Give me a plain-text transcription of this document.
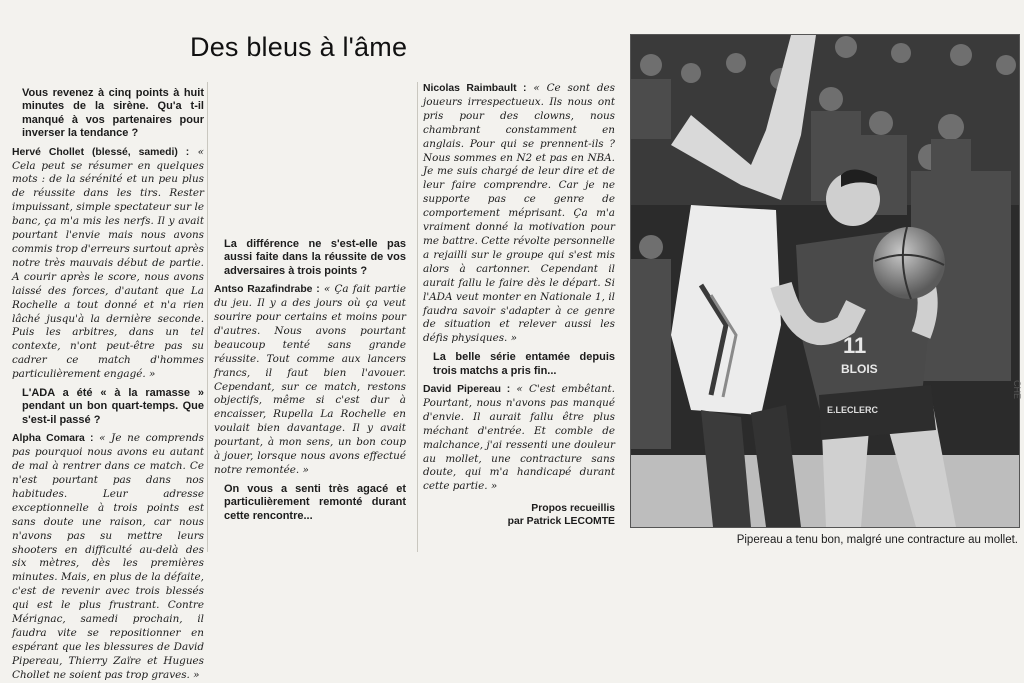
Des bleus à l'âme

Vous revenez à cinq points à huit minutes de la sirène. Qu'a t-il manqué à vos partenaires pour inverser la tendance ?

Hervé Chollet (blessé, samedi) : « Cela peut se résumer en quelques mots : de la sérénité et un peu plus de réussite dans les tirs. Rester impuissant, simple spectateur sur le banc, ça m'a mis les nerfs. Il y avait pourtant l'envie mais nous avons commis trop d'erreurs surtout après notre très mauvais début de partie. A courir après le score, nous avons laissé des forces, d'autant que La Rochelle a tout donné et n'a rien lâché jusqu'à la dernière seconde. Puis les arbitres, dans un tel contexte, n'ont peut-être pas su cadrer ce match d'hommes particulièrement engagé. »

L'ADA a été « à la ramasse » pendant un bon quart-temps. Que s'est-il passé ?

Alpha Comara : « Je ne comprends pas pourquoi nous avons eu autant de mal à rentrer dans ce match. Ce n'est pourtant pas dans nos habitudes. Leur adresse exceptionnelle à trois points est sans doute une raison, car nous n'avons pas su mettre leurs shooters en difficulté au-delà des six mètres, dès les premières minutes. Mais, en plus de la défaite, c'est de revenir avec trois blessés qui est le plus frustrant. Contre Mérignac, samedi prochain, il faudra vite se repositionner en espérant que les blessures de David Pipereau, Thierry Zaïre et Hugues Chollet ne soient pas trop graves. »

La différence ne s'est-elle pas aussi faite dans la réussite de vos adversaires à trois points ?

Antso Razafindrabe : « Ça fait partie du jeu. Il y a des jours où ça veut sourire pour certains et moins pour d'autres. Nous avons pourtant beaucoup tenté sans grande réussite. Tout comme aux lancers francs, il faut bien l'avouer. Cependant, sur ce match, restons objectifs, même si c'est dur à encaisser, Rupella La Rochelle en voulait bien davantage. Il y avait pourtant, à mon sens, un bon coup à jouer, lorsque nous avons effectué notre remontée. »

On vous a senti très agacé et particulièrement remonté durant cette rencontre...

Nicolas Raimbault : « Ce sont des joueurs irrespectueux. Ils nous ont pris pour des clowns, nous chambrant constamment en anglais. Pour qui se prennent-ils ? Nous sommes en N2 et pas en NBA. Je me suis chargé de leur dire et de leur faire comprendre. Car je ne supporte pas ce genre de comportement méprisant. Ça m'a vraiment donné la motivation pour me battre. Cette révolte personnelle a rejailli sur le groupe qui s'est mis alors à cartonner. Cependant il aurait fallu le faire dès le départ. Si l'ADA veut monter en Nationale 1, il faudra savoir s'adapter à ce genre de situation et relever aussi les défis physiques. »

La belle série entamée depuis trois matchs a pris fin...

David Pipereau : « C'est embêtant. Pourtant, nous n'avons pas manqué d'envie. Il aurait fallu être plus méchant d'entrée. Et comble de malchance, j'ai ressenti une douleur au mollet, une contracture sans doute, qui m'a handicapé durant cette partie. »

Propos recueillis
par Patrick LECOMTE
11
BLOIS
E.LECLERC
Pipereau a tenu bon, malgré une contracture au mollet.
CHE
